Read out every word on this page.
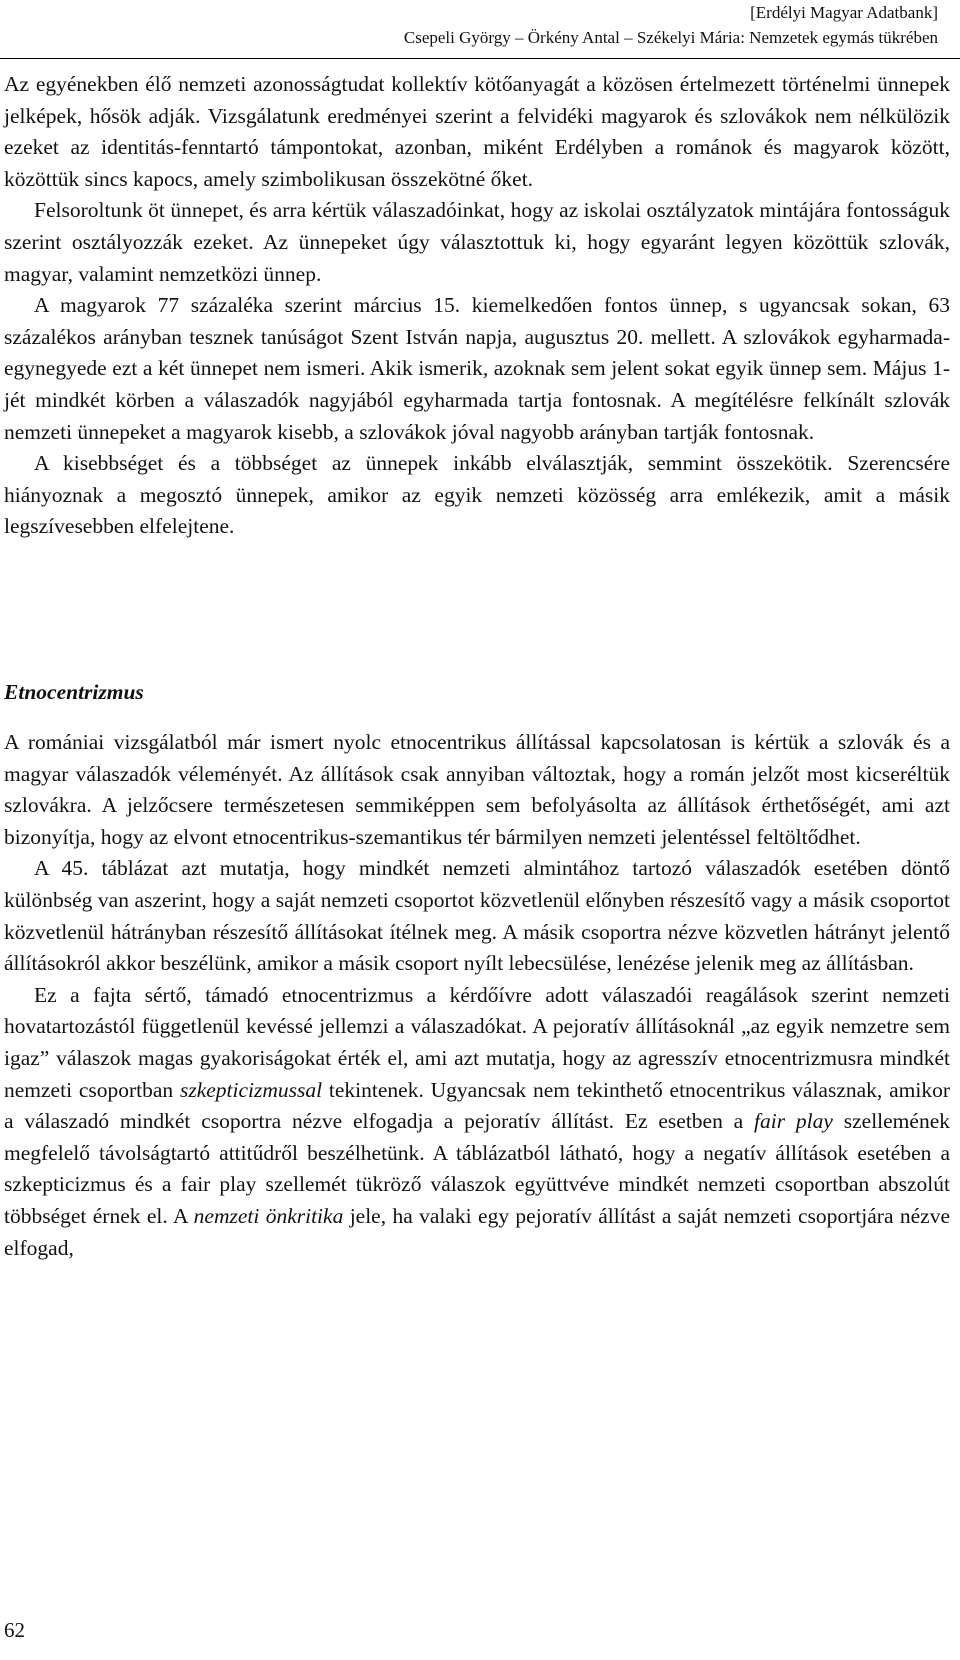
[Erdélyi Magyar Adatbank]
Csepeli György – Örkény Antal – Székelyi Mária: Nemzetek egymás tükrében

Az egyénekben élő nemzeti azonosságtudat kollektív kötőanyagát a közösen értelmezett történelmi ünnepek jelképek, hősök adják. Vizsgálatunk eredményei szerint a felvidéki magyarok és szlovákok nem nélkülözik ezeket az identitás-fenntartó támpontokat, azonban, miként Erdélyben a románok és magyarok között, közöttük sincs kapocs, amely szimbolikusan összekötné őket.

Felsoroltunk öt ünnepet, és arra kértük válaszadóinkat, hogy az iskolai osztályzatok mintájára fontosságuk szerint osztályozzák ezeket. Az ünnepeket úgy választottuk ki, hogy egyaránt legyen közöttük szlovák, magyar, valamint nemzetközi ünnep.

A magyarok 77 százaléka szerint március 15. kiemelkedően fontos ünnep, s ugyancsak sokan, 63 százalékos arányban tesznek tanúságot Szent István napja, augusztus 20. mellett. A szlovákok egyharmada-egynegyede ezt a két ünnepet nem ismeri. Akik ismerik, azoknak sem jelent sokat egyik ünnep sem. Május 1-jét mindkét körben a válaszadók nagyjából egyharmada tartja fontosnak. A megítélésre felkínált szlovák nemzeti ünnepeket a magyarok kisebb, a szlovákok jóval nagyobb arányban tartják fontosnak.

A kisebbséget és a többséget az ünnepek inkább elválasztják, semmint összekötik. Szerencsére hiányoznak a megosztó ünnepek, amikor az egyik nemzeti közösség arra emlékezik, amit a másik legszívesebben elfelejtene.

Etnocentrizmus

A romániai vizsgálatból már ismert nyolc etnocentrikus állítással kapcsolatosan is kértük a szlovák és a magyar válaszadók véleményét. Az állítások csak annyiban változtak, hogy a román jelzőt most kicseréltük szlovákra. A jelzőcsere természetesen semmiképpen sem befolyásolta az állítások érthetőségét, ami azt bizonyítja, hogy az elvont etnocentrikus-szemantikus tér bármilyen nemzeti jelentéssel feltöltődhet.

A 45. táblázat azt mutatja, hogy mindkét nemzeti almintához tartozó válaszadók esetében döntő különbség van aszerint, hogy a saját nemzeti csoportot közvetlenül előnyben részesítő vagy a másik csoportot közvetlenül hátrányban részesítő állításokat ítélnek meg. A másik csoportra nézve közvetlen hátrányt jelentő állításokról akkor beszélünk, amikor a másik csoport nyílt lebecsülése, lenézése jelenik meg az állításban.

Ez a fajta sértő, támadó etnocentrizmus a kérdőívre adott válaszadói reagálások szerint nemzeti hovatartozástól függetlenül kevéssé jellemzi a válaszadókat. A pejoratív állításoknál „az egyik nemzetre sem igaz” válaszok magas gyakoriságokat érték el, ami azt mutatja, hogy az agresszív etnocentrizmusra mindkét nemzeti csoportban szkepticizmussal tekintenek. Ugyancsak nem tekinthető etnocentrikus válasznak, amikor a válaszadó mindkét csoportra nézve elfogadja a pejoratív állítást. Ez esetben a fair play szellemének megfelelő távolságtartó attitűdről beszélhetünk. A táblázatból látható, hogy a negatív állítások esetében a szkepticizmus és a fair play szellemét tükröző válaszok együttvéve mindkét nemzeti csoportban abszolút többséget érnek el. A nemzeti önkritika jele, ha valaki egy pejoratív állítást a saját nemzeti csoportjára nézve elfogad,

62
